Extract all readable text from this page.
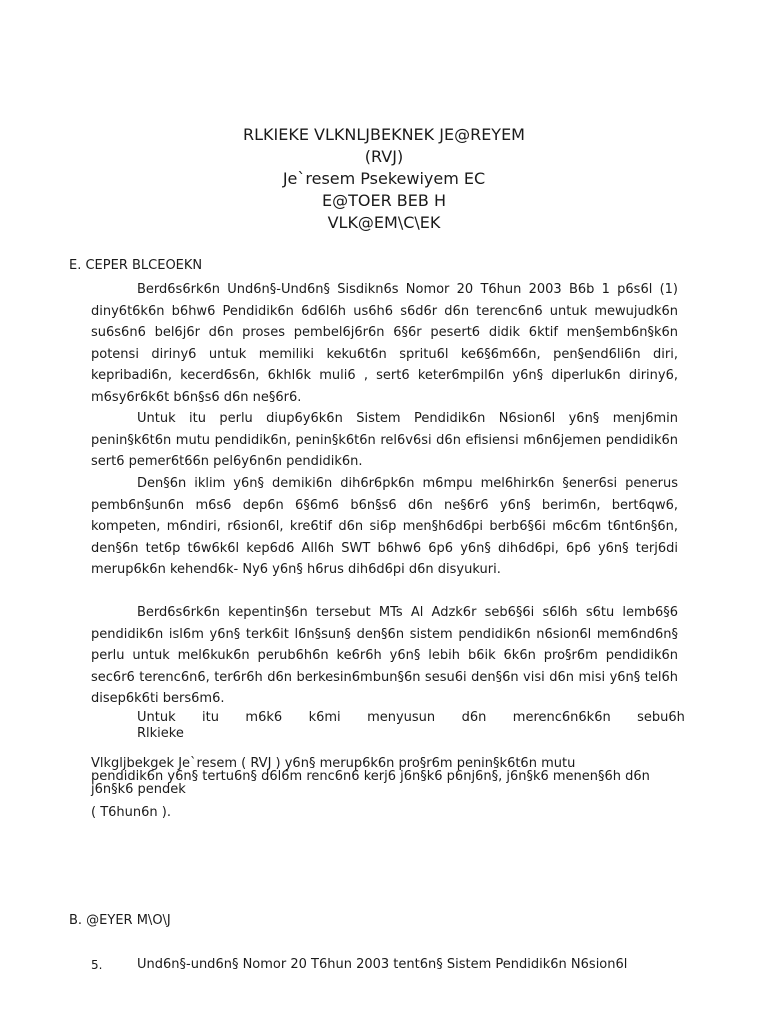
RLKIEKE VLKNLJBEKNEK JE@REYEM
(RVJ)
Je`resem Psekewiyem EC
E@TOER BEB H
VLK@EM\C\EK
E. CEPER BLCEOEKN

Berd6s6rk6n Und6n§-Und6n§ Sisdikn6s Nomor 20 T6hun 2003 B6b 1 p6s6l (1) diny6t6k6n b6hw6 Pendidik6n 6d6l6h us6h6 s6d6r d6n terenc6n6 untuk mewujudk6n su6s6n6 bel6j6r d6n proses pembel6j6r6n 6§6r pesert6 didik 6ktif men§emb6n§k6n potensi diriny6 untuk memiliki keku6t6n spritu6l ke6§6m66n, pen§end6li6n diri, kepribadi6n, kecerd6s6n, 6khl6k muli6 , sert6 keter6mpil6n y6n§ diperluk6n diriny6, m6sy6r6k6t b6n§s6 d6n ne§6r6.

Untuk itu perlu diup6y6k6n Sistem Pendidik6n N6sion6l y6n§ menj6min penin§k6t6n mutu pendidik6n, penin§k6t6n rel6v6si d6n efisiensi m6n6jemen pendidik6n sert6 pemer6t66n pel6y6n6n pendidik6n.

Den§6n iklim y6n§ demiki6n dih6r6pk6n m6mpu mel6hirk6n §ener6si penerus pemb6n§un6n m6s6 dep6n 6§6m6 b6n§s6 d6n ne§6r6 y6n§ berim6n, bert6qw6, kompeten, m6ndiri, r6sion6l, kre6tif d6n si6p men§h6d6pi berb6§6i m6c6m t6nt6n§6n, den§6n tet6p t6w6k6l kep6d6 All6h SWT b6hw6 6p6 y6n§ dih6d6pi, 6p6 y6n§ terj6di merup6k6n kehend6k- Ny6 y6n§ h6rus dih6d6pi d6n disyukuri.

Berd6s6rk6n kepentin§6n tersebut MTs Al Adzk6r seb6§6i s6l6h s6tu lemb6§6 pendidik6n isl6m y6n§ terk6it l6n§sun§ den§6n sistem pendidik6n n6sion6l mem6nd6n§ perlu untuk mel6kuk6n perub6h6n ke6r6h y6n§ lebih b6ik 6k6n pro§r6m pendidik6n sec6r6 terenc6n6, ter6r6h d6n berkesin6mbun§6n sesu6i den§6n visi d6n misi y6n§ tel6h disep6k6ti bers6m6.

Untuk itu m6k6 k6mi menyusun d6n merenc6n6k6n sebu6h
Rlkieke

Vlkgljbekgek Je`resem ( RVJ ) y6n§ merup6k6n pro§r6m penin§k6t6n mutu pendidik6n y6n§ tertu6n§ d6l6m renc6n6 kerj6 j6n§k6 p6nj6n§, j6n§k6 menen§6h d6n j6n§k6 pendek

( T6hun6n ).

B. @EYER M\O\J
5.	Und6n§-und6n§ Nomor 20 T6hun 2003 tent6n§ Sistem Pendidik6n N6sion6l
